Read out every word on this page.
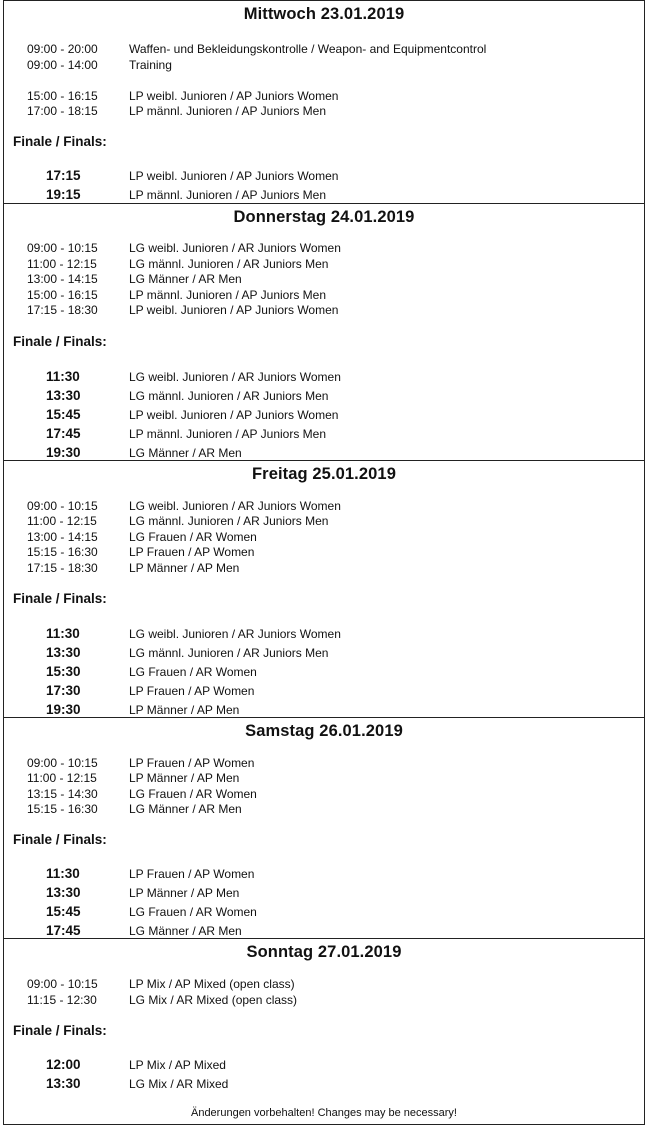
Mittwoch 23.01.2019
09:00 - 20:00	Waffen- und Bekleidungskontrolle / Weapon- and Equipmentcontrol
09:00 - 14:00	Training
15:00 - 16:15	LP weibl. Junioren / AP Juniors Women
17:00 - 18:15	LP männl. Junioren / AP Juniors Men
Finale / Finals:
17:15	LP weibl. Junioren / AP Juniors Women
19:15	LP männl. Junioren / AP Juniors Men
Donnerstag 24.01.2019
09:00 - 10:15	LG weibl. Junioren / AR Juniors Women
11:00 - 12:15	LG männl. Junioren / AR Juniors Men
13:00 - 14:15	LG Männer / AR Men
15:00 - 16:15	LP männl. Junioren / AP Juniors Men
17:15 - 18:30	LP weibl. Junioren / AP Juniors Women
Finale / Finals:
11:30	LG weibl. Junioren / AR Juniors Women
13:30	LG männl. Junioren / AR Juniors Men
15:45	LP weibl. Junioren / AP Juniors Women
17:45	LP männl. Junioren / AP Juniors Men
19:30	LG Männer / AR Men
Freitag 25.01.2019
09:00 - 10:15	LG weibl. Junioren / AR Juniors Women
11:00 - 12:15	LG männl. Junioren / AR Juniors Men
13:00 - 14:15	LG Frauen / AR Women
15:15 - 16:30	LP Frauen / AP Women
17:15 - 18:30	LP Männer / AP Men
Finale / Finals:
11:30	LG weibl. Junioren / AR Juniors Women
13:30	LG männl. Junioren / AR Juniors Men
15:30	LG Frauen / AR Women
17:30	LP Frauen / AP Women
19:30	LP Männer / AP Men
Samstag 26.01.2019
09:00 - 10:15	LP Frauen / AP Women
11:00 - 12:15	LP Männer / AP Men
13:15 - 14:30	LG Frauen / AR Women
15:15 - 16:30	LG Männer / AR Men
Finale / Finals:
11:30	LP Frauen / AP Women
13:30	LP Männer / AP Men
15:45	LG Frauen / AR Women
17:45	LG Männer / AR Men
Sonntag 27.01.2019
09:00 - 10:15	LP Mix / AP Mixed (open class)
11:15 - 12:30	LG Mix / AR Mixed (open class)
Finale / Finals:
12:00	LP Mix / AP Mixed
13:30	LG Mix / AR Mixed
Änderungen vorbehalten! Changes may be necessary!
